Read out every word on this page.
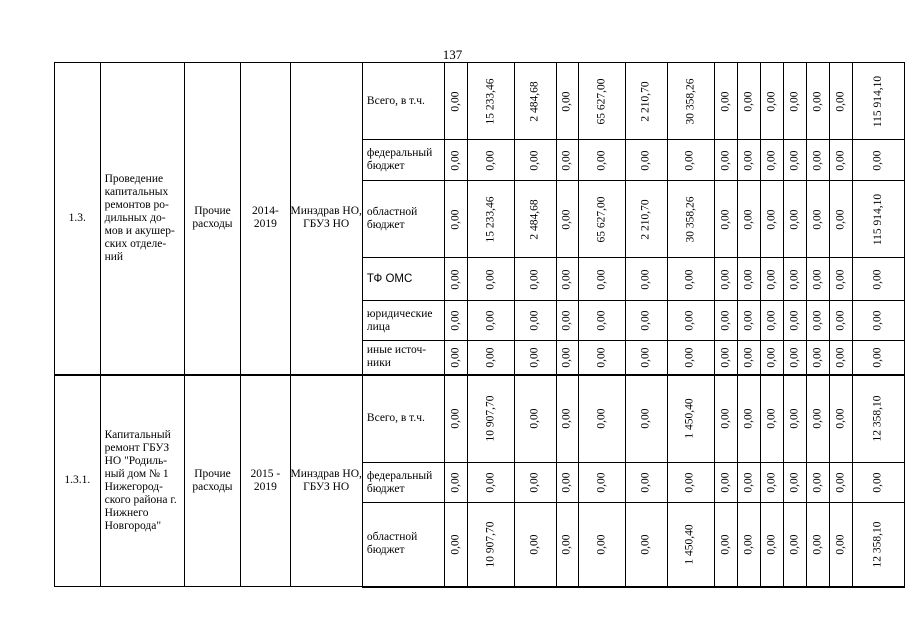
137
1.3.	Проведение капитальных ремонтов ро-дильных до-мов и акушер-ских отделе-ний	Прочие расходы	2014-2019	Минздрав НО, ГБУЗ НО	Всего, в т.ч.	0,00	15 233,46	2 484,68	0,00	65 627,00	2 210,70	30 358,26	0,00	0,00	0,00	0,00	0,00	0,00	115 914,10
					федеральный бюджет	0,00	0,00	0,00	0,00	0,00	0,00	0,00	0,00	0,00	0,00	0,00	0,00	0,00	0,00
					областной бюджет	0,00	15 233,46	2 484,68	0,00	65 627,00	2 210,70	30 358,26	0,00	0,00	0,00	0,00	0,00	0,00	115 914,10
					ТФ ОМС	0,00	0,00	0,00	0,00	0,00	0,00	0,00	0,00	0,00	0,00	0,00	0,00	0,00	0,00
					юридические лица	0,00	0,00	0,00	0,00	0,00	0,00	0,00	0,00	0,00	0,00	0,00	0,00	0,00	0,00
					иные источ-ники	0,00	0,00	0,00	0,00	0,00	0,00	0,00	0,00	0,00	0,00	0,00	0,00	0,00	0,00
1.3.1.	Капитальный ремонт ГБУЗ НО "Родиль-ный дом № 1 Нижегород-ского района г. Нижнего Новгорода"	Прочие расходы	2015 - 2019	Минздрав НО, ГБУЗ НО	Всего, в т.ч.	0,00	10 907,70	0,00	0,00	0,00	0,00	1 450,40	0,00	0,00	0,00	0,00	0,00	0,00	12 358,10
					федеральный бюджет	0,00	0,00	0,00	0,00	0,00	0,00	0,00	0,00	0,00	0,00	0,00	0,00	0,00	0,00
					областной бюджет	0,00	10 907,70	0,00	0,00	0,00	0,00	1 450,40	0,00	0,00	0,00	0,00	0,00	0,00	12 358,10
